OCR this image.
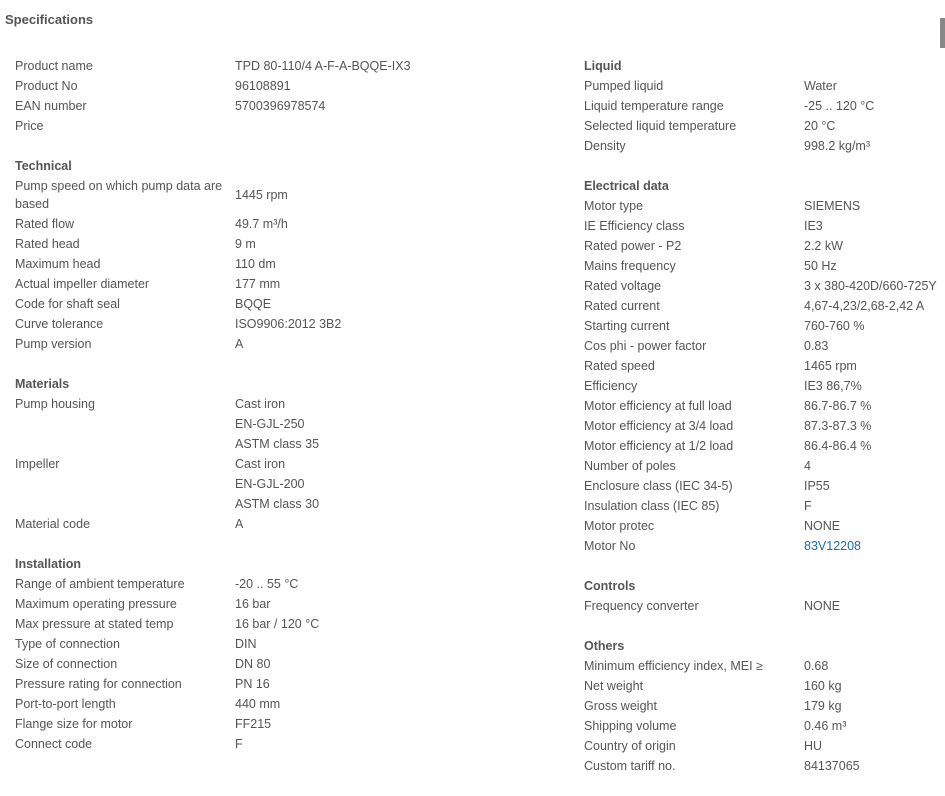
Specifications
Product name	TPD 80-110/4 A-F-A-BQQE-IX3
Product No	96108891
EAN number	5700396978574
Price
Technical
Pump speed on which pump data are based
1445 rpm
Rated flow	49.7 m³/h
Rated head	9 m
Maximum head	110 dm
Actual impeller diameter	177 mm
Code for shaft seal	BQQE
Curve tolerance	ISO9906:2012 3B2
Pump version	A
Materials
Pump housing	Cast iron
EN-GJL-250
ASTM class 35
Impeller	Cast iron
EN-GJL-200
ASTM class 30
Material code	A
Installation
Range of ambient temperature	-20 .. 55 °C
Maximum operating pressure	16 bar
Max pressure at stated temp	16 bar / 120 °C
Type of connection	DIN
Size of connection	DN 80
Pressure rating for connection	PN 16
Port-to-port length	440 mm
Flange size for motor	FF215
Connect code	F
Liquid
Pumped liquid	Water
Liquid temperature range	-25 .. 120 °C
Selected liquid temperature	20 °C
Density	998.2 kg/m³
Electrical data
Motor type	SIEMENS
IE Efficiency class	IE3
Rated power - P2	2.2 kW
Mains frequency	50 Hz
Rated voltage	3 x 380-420D/660-725Y
Rated current	4,67-4,23/2,68-2,42 A
Starting current	760-760 %
Cos phi - power factor	0.83
Rated speed	1465 rpm
Efficiency	IE3 86,7%
Motor efficiency at full load	86.7-86.7 %
Motor efficiency at 3/4 load	87.3-87.3 %
Motor efficiency at 1/2 load	86.4-86.4 %
Number of poles	4
Enclosure class (IEC 34-5)	IP55
Insulation class (IEC 85)	F
Motor protec	NONE
Motor No	83V12208
Controls
Frequency converter	NONE
Others
Minimum efficiency index, MEI ≥	0.68
Net weight	160 kg
Gross weight	179 kg
Shipping volume	0.46 m³
Country of origin	HU
Custom tariff no.	84137065
